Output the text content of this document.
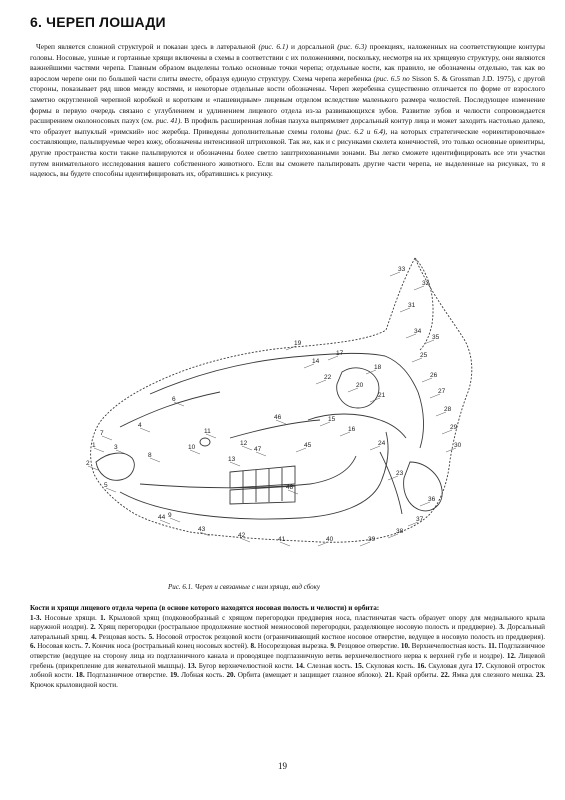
6. ЧЕРЕП ЛОШАДИ
Череп является сложной структурой и показан здесь в латеральной (рис. 6.1) и дорсальной (рис. 6.3) проекциях, наложенных на соответствующие контуры головы. Носовые, ушные и гортанные хрящи включены в схемы в соответствии с их положениями, поскольку, несмотря на их хрящевую структуру, они являются важнейшими частями черепа. Главным образом выделены только основные точки черепа; отдельные кости, как правило, не обозначены отдельно, так как во взрослом черепе они по большей части слиты вместе, образуя единую структуру. Схема черепа жеребенка (рис. 6.5 по Sisson S. & Grossman J.D. 1975), с другой стороны, показывает ряд швов между костями, и некоторые отдельные кости обозначены. Череп жеребенка существенно отличается по форме от взрослого заметно округленной черепной коробкой и коротким и «пашевидным» лицевым отделом вследствие маленького размера челюстей. Последующее изменение формы в первую очередь связано с углублением и удлинением лицевого отдела из-за развивающихся зубов. Развитие зубов и челюсти сопровождается расширением околоносовых пазух (см. рис. 41). В профиль расширенная лобная пазуха выпрямляет дорсальный контур лица и может заходить настолько далеко, что образует выпуклый «римский» нос жеребца. Приведены дополнительные схемы головы (рис. 6.2 и 6.4), на которых стратегические «ориентировочные» составляющие, пальпируемые через кожу, обозначены интенсивной штриховкой. Так же, как и с рисунками скелета конечностей, это только основные ориентиры, другие пространства кости также пальпируются и обозначены более светло заштрихованными зонами. Вы легко сможете идентифицировать все эти участки путем внимательного исследования вашего собственного животного. Если вы сможете пальпировать другие части черепа, не выделенные на рисунках, то я надеюсь, вы будете способны идентифицировать их, обратившись к рисунку.
1
2
3
4
5
6
7
8
9
10
11
12
13
14
15
16
17
18
19
20
21
22
23
24
25
26
27
28
29
30
31
32
33
34
35
36
37
38
39
40
41
42
43
44
45
46
47
48
Рис. 6.1. Череп и связанные с ним хрящи, вид сбоку
Кости и хрящи лицевого отдела черепа (в основе которого находятся носовая полость и челюсти) и орбита:
1-3. Носовые хрящи. 1. Крыловой хрящ (подковообразный с хрящом перегородки преддверия носа, пластинчатая часть образует опору для медиального крыла наружной ноздри). 2. Хрящ перегородки (ростральное продолжение костной межносовой перегородки, разделяющее носовую полость и преддверие). 3. Дорсальный латеральный хрящ. 4. Резцовая кость. 5. Носовой отросток резцовой кости (ограничивающий костное носовое отверстие, ведущее в носовую полость из преддверия). 6. Носовая кость. 7. Кончик носа (ростральный конец носовых костей). 8. Носорезцовая вырезка. 9. Резцовое отверстие. 10. Верхнечелюстная кость. 11. Подглазничное отверстие (ведущее на сторону лица из подглазничного канала и проводящее подглазничную ветвь верхнечелюстного нерва к верхней губе и ноздре). 12. Лицевой гребень (прикрепление для жевательной мышцы). 13. Бугор верхнечелюстной кости. 14. Слезная кость. 15. Скуловая кость. 16. Скуловая дуга 17. Скуловой отросток лобной кости. 18. Подглазничное отверстие. 19. Лобная кость. 20. Орбита (вмещает и защищает глазное яблоко). 21. Край орбиты. 22. Ямка для слезного мешка. 23. Крючок крыловидной кости.
19
